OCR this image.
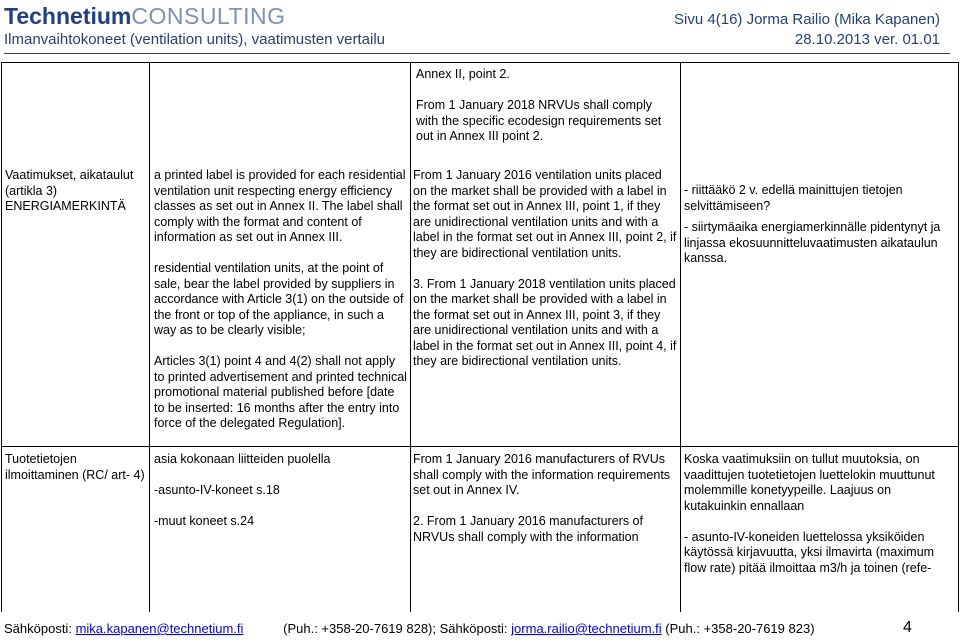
TechnetiumCONSULTING
Ilmanvaihtokoneet (ventilation units), vaatimusten vertailu
Sivu 4(16) Jorma Railio (Mika Kapanen)
28.10.2013 ver. 01.01

Annex II, point 2.

From 1 January 2018 NRVUs shall comply with the specific ecodesign requirements set out in Annex III point 2.

Vaatimukset, aikataulut (artikla 3) ENERGIAMERKINTÄ

a printed label is provided for each residential ventilation unit respecting energy efficiency classes as set out in Annex II. The label shall comply with the format and content of information as set out in Annex III.

residential ventilation units, at the point of sale, bear the label provided by suppliers in accordance with Article 3(1) on the outside of the front or top of the appliance, in such a way as to be clearly visible;

Articles 3(1) point 4 and 4(2) shall not apply to printed advertisement and printed technical promotional material published before [date to be inserted: 16 months after the entry into force of the delegated Regulation].

From 1 January 2016 ventilation units placed on the market shall be provided with a label in the format set out in Annex III, point 1, if they are unidirectional ventilation units and with a label in the format set out in Annex III, point 2, if they are bidirectional ventilation units.

3. From 1 January 2018 ventilation units placed on the market shall be provided with a label in the format set out in Annex III, point 3, if they are unidirectional ventilation units and with a label in the format set out in Annex III, point 4, if they are bidirectional ventilation units.

- riittääkö 2 v. edellä mainittujen tietojen selvittämiseen?

- siirtymäaika energiamerkinnälle pidentynyt ja linjassa ekosuunnitteluvaatimusten aikataulun kanssa.

Tuotetietojen ilmoittaminen (RC/ art- 4)

asia kokonaan liitteiden puolella

-asunto-IV-koneet s.18

-muut koneet s.24

From 1 January 2016 manufacturers of RVUs shall comply with the information requirements set out in Annex IV.

2. From 1 January 2016 manufacturers of NRVUs shall comply with the information

Koska vaatimuksiin on tullut muutoksia, on vaadittujen tuotetietojen luettelokin muuttunut molemmille konetyypeille. Laajuus on kutakuinkin ennallaan

- asunto-IV-koneiden luettelossa yksiköiden käytössä kirjavuutta, yksi ilmavirta (maximum flow rate) pitää ilmoittaa m3/h ja toinen (refe-

Sähköposti: mika.kapanen@technetium.fi	(Puh.: +358-20-7619 828); Sähköposti: jorma.railio@technetium.fi (Puh.: +358-20-7619 823)	4
